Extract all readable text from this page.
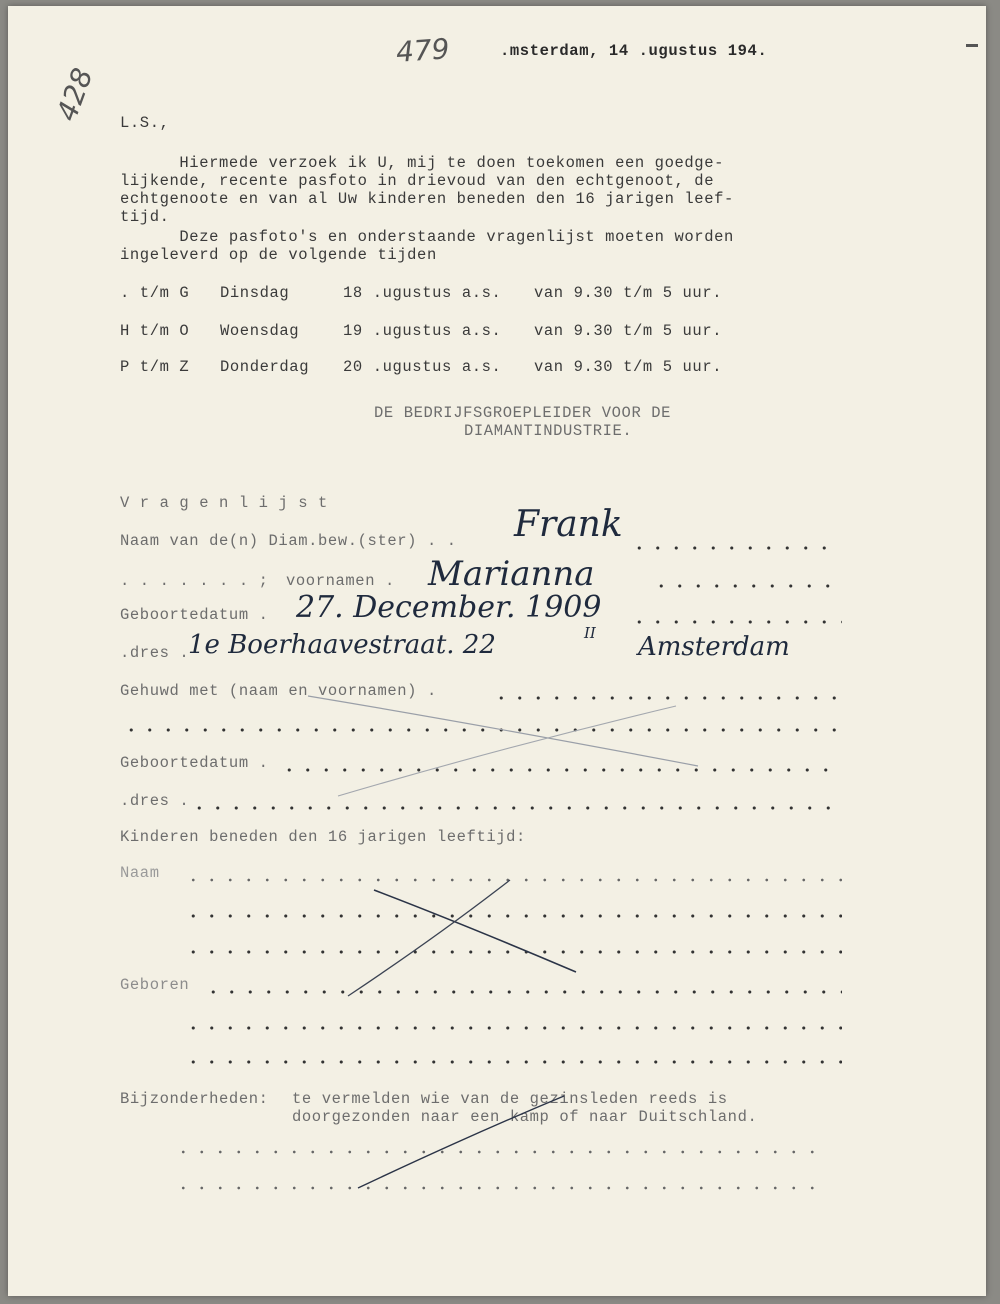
479
428
.msterdam, 14 .ugustus 194.
L.S.,
Hiermede verzoek ik U, mij te doen toekomen een goedge-
lijkende, recente pasfoto in drievoud van den echtgenoot, de
echtgenoote en van al Uw kinderen beneden den 16 jarigen leef-
tijd.
Deze pasfoto's en onderstaande vragenlijst moeten worden
ingeleverd op de volgende tijden
. t/m G Dinsdag	18 .ugustus a.s. van 9.30 t/m 5 uur.
H t/m O Woensdag	19 .ugustus a.s. van 9.30 t/m 5 uur.
P t/m Z Donderdag 20 .ugustus a.s. van 9.30 t/m 5 uur.
DE BEDRIJFSGROEPLEIDER VOOR DE
DIAMANTINDUSTRIE.
V r a g e n l i j s t
Naam van de(n) Diam.bew.(ster) . . Frank
. . . . . . . ; voornamen . Marianna
Geboortedatum . 27. December. 1909
.dres .
1e Boerhaavestraat. 22	II Amsterdam
Gehuwd met (naam en voornamen) .
Geboortedatum .
.dres .
Kinderen beneden den 16 jarigen leeftijd:
Naam
Geboren
Bijzonderheden: te vermelden wie van de gezinsleden reeds is
doorgezonden naar een kamp of naar Duitschland.
